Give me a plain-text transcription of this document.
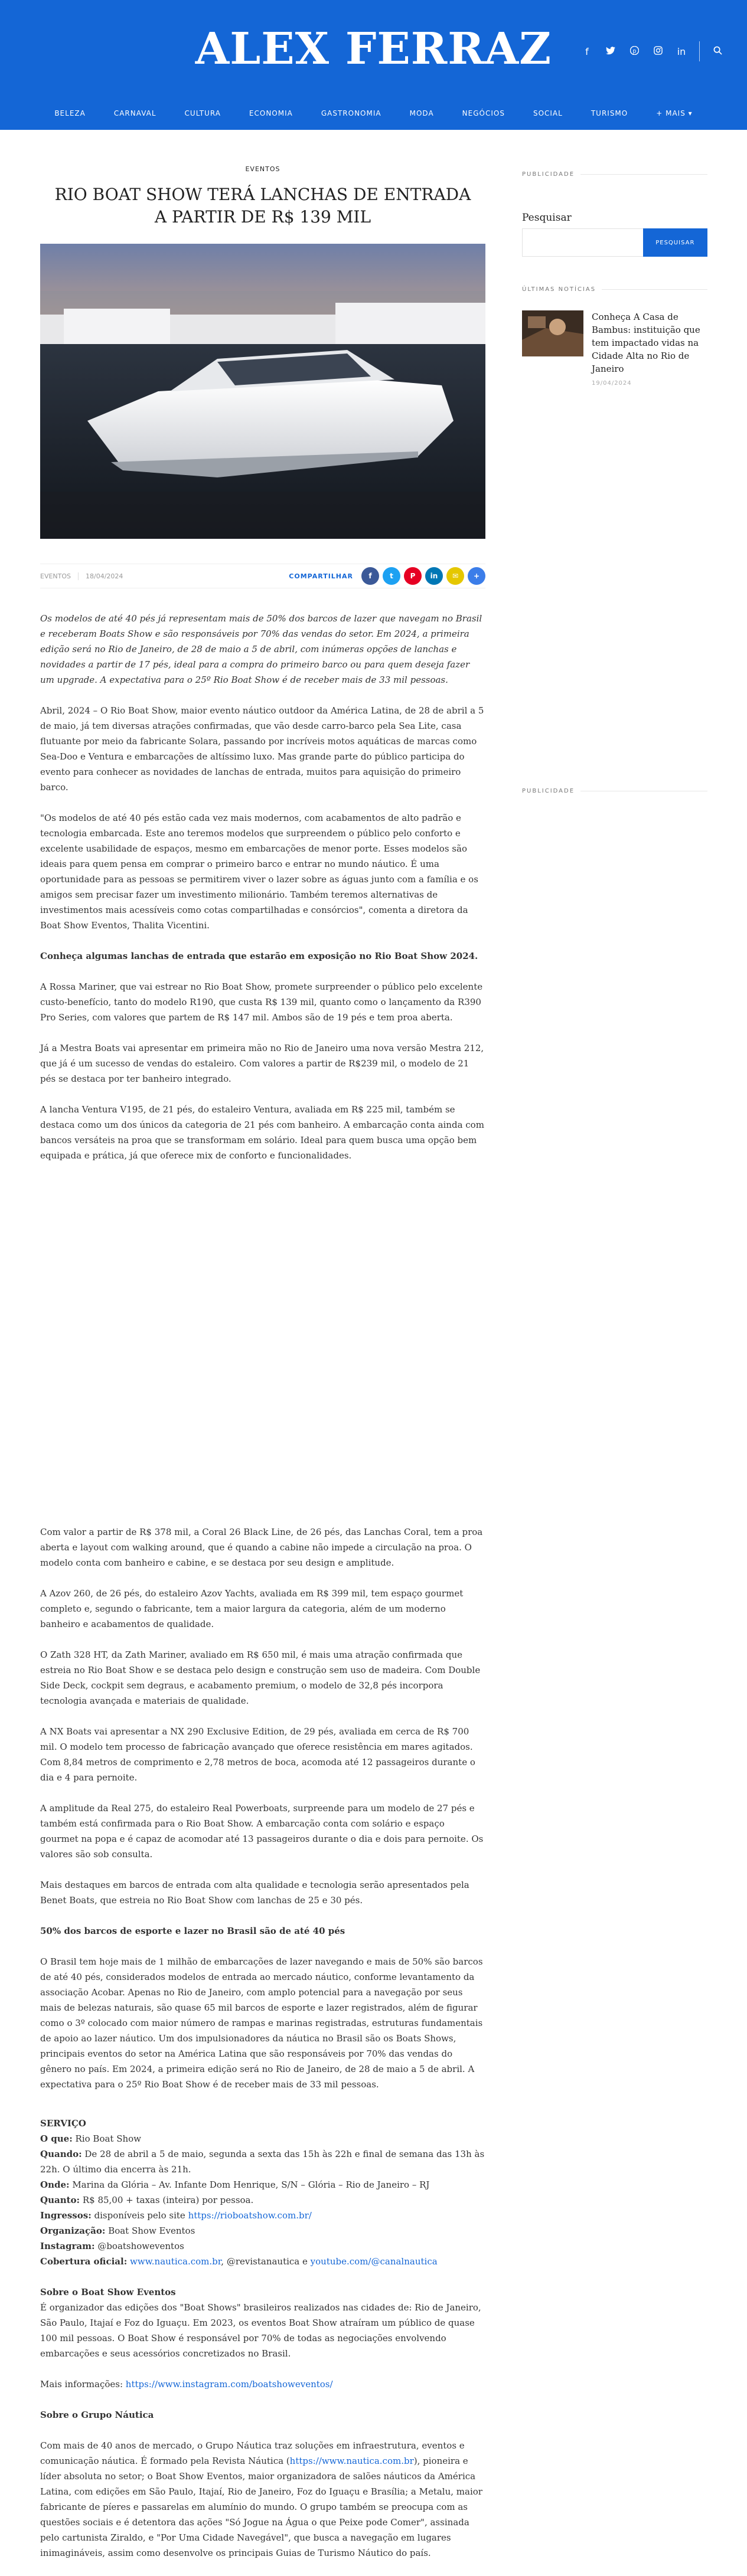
ALEX FERRAZ	f	p	in
BELEZA	CARNAVAL	CULTURA	ECONOMIA	GASTRONOMIA	MODA	NEGÓCIOS	SOCIAL	TURISMO	+ MAIS ▾
EVENTOS
RIO BOAT SHOW TERÁ LANCHAS DE ENTRADA A PARTIR DE R$ 139 MIL
EVENTOS	18/04/2024	COMPARTILHAR	f	t	P	in	✉	+

Os modelos de até 40 pés já representam mais de 50% dos barcos de lazer que navegam no Brasil e receberam Boats Show e são responsáveis por 70% das vendas do setor. Em 2024, a primeira edição será no Rio de Janeiro, de 28 de maio a 5 de abril, com inúmeras opções de lanchas e novidades a partir de 17 pés, ideal para a compra do primeiro barco ou para quem deseja fazer um upgrade. A expectativa para o 25º Rio Boat Show é de receber mais de 33 mil pessoas.

Abril, 2024 – O Rio Boat Show, maior evento náutico outdoor da América Latina, de 28 de abril a 5 de maio, já tem diversas atrações confirmadas, que vão desde carro-barco pela Sea Lite, casa flutuante por meio da fabricante Solara, passando por incríveis motos aquáticas de marcas como Sea-Doo e Ventura e embarcações de altíssimo luxo. Mas grande parte do público participa do evento para conhecer as novidades de lanchas de entrada, muitos para aquisição do primeiro barco.

"Os modelos de até 40 pés estão cada vez mais modernos, com acabamentos de alto padrão e tecnologia embarcada. Este ano teremos modelos que surpreendem o público pelo conforto e excelente usabilidade de espaços, mesmo em embarcações de menor porte. Esses modelos são ideais para quem pensa em comprar o primeiro barco e entrar no mundo náutico. É uma oportunidade para as pessoas se permitirem viver o lazer sobre as águas junto com a família e os amigos sem precisar fazer um investimento milionário. Também teremos alternativas de investimentos mais acessíveis como cotas compartilhadas e consórcios", comenta a diretora da Boat Show Eventos, Thalita Vicentini.

Conheça algumas lanchas de entrada que estarão em exposição no Rio Boat Show 2024.

A Rossa Mariner, que vai estrear no Rio Boat Show, promete surpreender o público pelo excelente custo-benefício, tanto do modelo R190, que custa R$ 139 mil, quanto como o lançamento da R390 Pro Series, com valores que partem de R$ 147 mil. Ambos são de 19 pés e tem proa aberta.

Já a Mestra Boats vai apresentar em primeira mão no Rio de Janeiro uma nova versão Mestra 212, que já é um sucesso de vendas do estaleiro. Com valores a partir de R$239 mil, o modelo de 21 pés se destaca por ter banheiro integrado.

A lancha Ventura V195, de 21 pés, do estaleiro Ventura, avaliada em R$ 225 mil, também se destaca como um dos únicos da categoria de 21 pés com banheiro. A embarcação conta ainda com bancos versáteis na proa que se transformam em solário. Ideal para quem busca uma opção bem equipada e prática, já que oferece mix de conforto e funcionalidades.

Com valor a partir de R$ 378 mil, a Coral 26 Black Line, de 26 pés, das Lanchas Coral, tem a proa aberta e layout com walking around, que é quando a cabine não impede a circulação na proa. O modelo conta com banheiro e cabine, e se destaca por seu design e amplitude.

A Azov 260, de 26 pés, do estaleiro Azov Yachts, avaliada em R$ 399 mil, tem espaço gourmet completo e, segundo o fabricante, tem a maior largura da categoria, além de um moderno banheiro e acabamentos de qualidade.

O Zath 328 HT, da Zath Mariner, avaliado em R$ 650 mil, é mais uma atração confirmada que estreia no Rio Boat Show e se destaca pelo design e construção sem uso de madeira. Com Double Side Deck, cockpit sem degraus, e acabamento premium, o modelo de 32,8 pés incorpora tecnologia avançada e materiais de qualidade.

A NX Boats vai apresentar a NX 290 Exclusive Edition, de 29 pés, avaliada em cerca de R$ 700 mil. O modelo tem processo de fabricação avançado que oferece resistência em mares agitados. Com 8,84 metros de comprimento e 2,78 metros de boca, acomoda até 12 passageiros durante o dia e 4 para pernoite.

A amplitude da Real 275, do estaleiro Real Powerboats, surpreende para um modelo de 27 pés e também está confirmada para o Rio Boat Show. A embarcação conta com solário e espaço gourmet na popa e é capaz de acomodar até 13 passageiros durante o dia e dois para pernoite. Os valores são sob consulta.

Mais destaques em barcos de entrada com alta qualidade e tecnologia serão apresentados pela Benet Boats, que estreia no Rio Boat Show com lanchas de 25 e 30 pés.

50% dos barcos de esporte e lazer no Brasil são de até 40 pés

O Brasil tem hoje mais de 1 milhão de embarcações de lazer navegando e mais de 50% são barcos de até 40 pés, considerados modelos de entrada ao mercado náutico, conforme levantamento da associação Acobar. Apenas no Rio de Janeiro, com amplo potencial para a navegação por seus mais de belezas naturais, são quase 65 mil barcos de esporte e lazer registrados, além de figurar como o 3º colocado com maior número de rampas e marinas registradas, estruturas fundamentais de apoio ao lazer náutico. Um dos impulsionadores da náutica no Brasil são os Boats Shows, principais eventos do setor na América Latina que são responsáveis por 70% das vendas do gênero no país. Em 2024, a primeira edição será no Rio de Janeiro, de 28 de maio a 5 de abril. A expectativa para o 25º Rio Boat Show é de receber mais de 33 mil pessoas.

SERVIÇO
O que: Rio Boat Show
Quando: De 28 de abril a 5 de maio, segunda a sexta das 15h às 22h e final de semana das 13h às 22h. O último dia encerra às 21h.
Onde: Marina da Glória – Av. Infante Dom Henrique, S/N – Glória – Rio de Janeiro – RJ
Quanto: R$ 85,00 + taxas (inteira) por pessoa.
Ingressos: disponíveis pelo site https://rioboatshow.com.br/
Organização: Boat Show Eventos
Instagram: @boatshoweventos
Cobertura oficial: www.nautica.com.br, @revistanautica e youtube.com/@canalnautica

Sobre o Boat Show Eventos
É organizador das edições dos "Boat Shows" brasileiros realizados nas cidades de: Rio de Janeiro, São Paulo, Itajaí e Foz do Iguaçu. Em 2023, os eventos Boat Show atraíram um público de quase 100 mil pessoas. O Boat Show é responsável por 70% de todas as negociações envolvendo embarcações e seus acessórios concretizados no Brasil.

Mais informações: https://www.instagram.com/boatshoweventos/

Sobre o Grupo Náutica

Com mais de 40 anos de mercado, o Grupo Náutica traz soluções em infraestrutura, eventos e comunicação náutica. É formado pela Revista Náutica (https://www.nautica.com.br), pioneira e líder absoluta no setor; o Boat Show Eventos, maior organizadora de salões náuticos da América Latina, com edições em São Paulo, Itajaí, Rio de Janeiro, Foz do Iguaçu e Brasília; a Metalu, maior fabricante de píeres e passarelas em alumínio do mundo. O grupo também se preocupa com as questões sociais e é detentora das ações "Só Jogue na Água o que Peixe pode Comer", assinada pelo cartunista Ziraldo, e "Por Uma Cidade Navegável", que busca a navegação em lugares inimagináveis, assim como desenvolve os principais Guias de Turismo Náutico do país.

PUBLICIDADE
Pesquisar
PESQUISAR
ÚLTIMAS NOTÍCIAS

Conheça A Casa de Bambus: instituição que tem impactado vidas na Cidade Alta no Rio de Janeiro

19/04/2024
PUBLICIDADE
